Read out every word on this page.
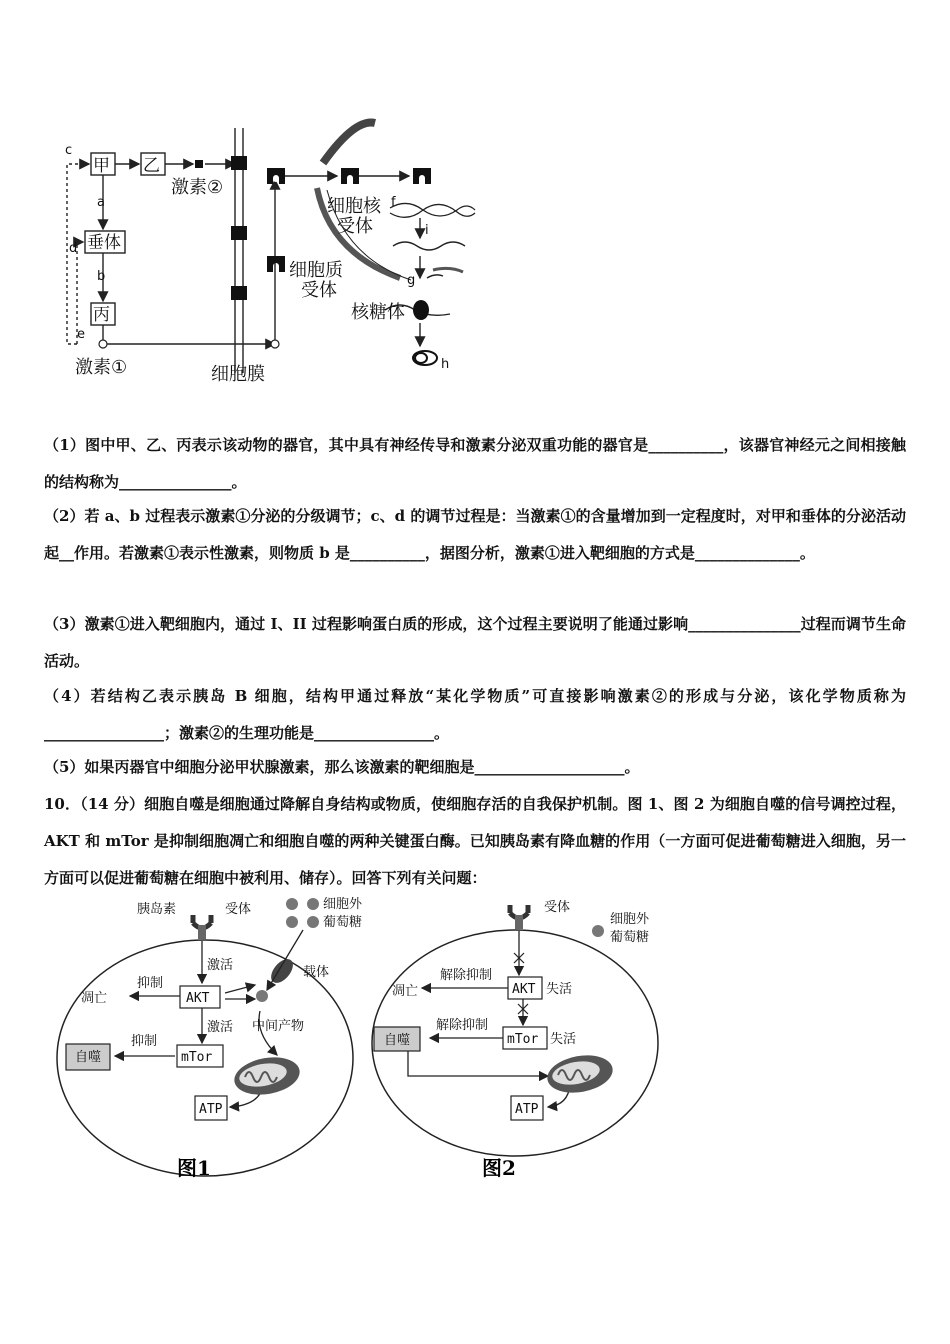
甲 乙
垂体
丙
激素①
激素②
细胞膜
细胞质
受体
细胞核
受体
核糖体
a
b
c
d
e
f
g
h
i
（1）图中甲、乙、丙表示该动物的器官，其中具有神经传导和激素分泌双重功能的器官是__________，该器官神经元之间相接触的结构称为_______________。
（2）若 a、b 过程表示激素①分泌的分级调节；c、d 的调节过程是：当激素①的含量增加到一定程度时，对甲和垂体的分泌活动起__作用。若激素①表示性激素，则物质 b 是__________，据图分析，激素①进入靶细胞的方式是______________。
（3）激素①进入靶细胞内，通过 I、II 过程影响蛋白质的形成，这个过程主要说明了能通过影响_______________过程而调节生命活动。
（4）若结构乙表示胰岛 B 细胞，结构甲通过释放“某化学物质”可直接影响激素②的形成与分泌，该化学物质称为________________；激素②的生理功能是________________。
（5）如果丙器官中细胞分泌甲状腺激素，那么该激素的靶细胞是____________________。
10．（14 分）细胞自噬是细胞通过降解自身结构或物质，使细胞存活的自我保护机制。图 1、图 2 为细胞自噬的信号调控过程，AKT 和 mTor 是抑制细胞凋亡和细胞自噬的两种关键蛋白酶。已知胰岛素有降血糖的作用（一方面可促进葡萄糖进入细胞，另一方面可以促进葡萄糖在细胞中被利用、储存）。回答下列有关问题：
胰岛素	受体	细胞外
葡萄糖
载体
激活
激活
抑制
抑制
凋亡
中间产物
自噬
AKT
mTor
ATP
图1
受体
细胞外
葡萄糖
解除抑制
解除抑制
失活
失活
凋亡
自噬
AKT
mTor
ATP
图2
